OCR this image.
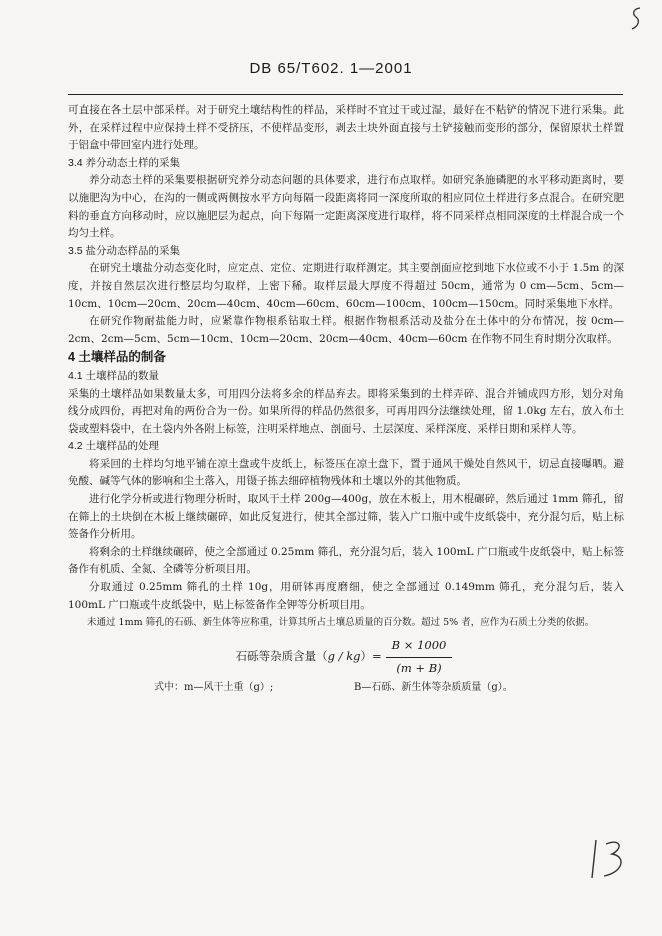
DB 65/T602. 1—2001

可直接在各土层中部采样。对于研究土壤结构性的样品，采样时不宜过干或过湿，最好在不粘铲的情况下进行采集。此外，在采样过程中应保持土样不受挤压，不使样品变形，剥去土块外面直接与土铲接触而变形的部分，保留原状土样置于铝盒中带回室内进行处理。

3.4 养分动态土样的采集

养分动态土样的采集要根据研究养分动态问题的具体要求，进行布点取样。如研究条施磷肥的水平移动距离时，要以施肥沟为中心，在沟的一侧或两侧按水平方向每隔一段距离将同一深度所取的相应同位土样进行多点混合。在研究肥料的垂直方向移动时，应以施肥层为起点，向下每隔一定距离深度进行取样，将不同采样点相同深度的土样混合成一个均匀土样。

3.5 盐分动态样品的采集

在研究土壤盐分动态变化时，应定点、定位、定期进行取样测定。其主要剖面应挖到地下水位或不小于 1.5m 的深度，并按自然层次进行整层均匀取样，上密下稀。取样层最大厚度不得超过 50cm，通常为 0 cm—5cm、5cm—10cm、10cm—20cm、20cm—40cm、40cm—60cm、60cm—100cm、100cm—150cm。同时采集地下水样。

在研究作物耐盐能力时，应紧靠作物根系钻取土样。根据作物根系活动及盐分在土体中的分布情况，按 0cm—2cm、2cm—5cm、5cm—10cm、10cm—20cm、20cm—40cm、40cm—60cm 在作物不同生育时期分次取样。

4 土壤样品的制备

4.1 土壤样品的数量

采集的土壤样品如果数量太多，可用四分法将多余的样品弃去。即将采集到的土样弄碎、混合并铺成四方形，划分对角线分成四份，再把对角的两份合为一份。如果所得的样品仍然很多，可再用四分法继续处理，留 1.0kg 左右，放入布土袋或塑料袋中，在土袋内外各附上标签，注明采样地点、剖面号、土层深度、采样深度、采样日期和采样人等。

4.2 土壤样品的处理

将采回的土样均匀地平铺在凉土盘或牛皮纸上，标签压在凉土盘下，置于通风干燥处自然风干，切忌直接曝晒。避免酸、碱等气体的影响和尘土落入，用镊子拣去细碎植物残体和土壤以外的其他物质。

进行化学分析或进行物理分析时，取风干土样 200g—400g，放在木板上，用木棍碾碎，然后通过 1mm 筛孔，留在筛上的土块倒在木板上继续碾碎，如此反复进行，使其全部过筛，装入广口瓶中或牛皮纸袋中，充分混匀后，贴上标签备作分析用。

将剩余的土样继续碾碎，使之全部通过 0.25mm 筛孔，充分混匀后，装入 100mL 广口瓶或牛皮纸袋中，贴上标签备作有机质、全氮、全磷等分析项目用。

分取通过 0.25mm 筛孔的土样 10g，用研钵再度磨细，使之全部通过 0.149mm 筛孔，充分混匀后，装入 100mL 广口瓶或牛皮纸袋中，贴上标签备作全钾等分析项目用。

未通过 1mm 筛孔的石砾、新生体等应称重，计算其所占土壤总质量的百分数。超过 5% 者，应作为石质土分类的依据。

石砾等杂质含量 （ g / kg ）= $\frac{B \times 1000}{(m + B)}$
式中：m—风干土重（g）;	B—石砾、新生体等杂质质量（g）。
